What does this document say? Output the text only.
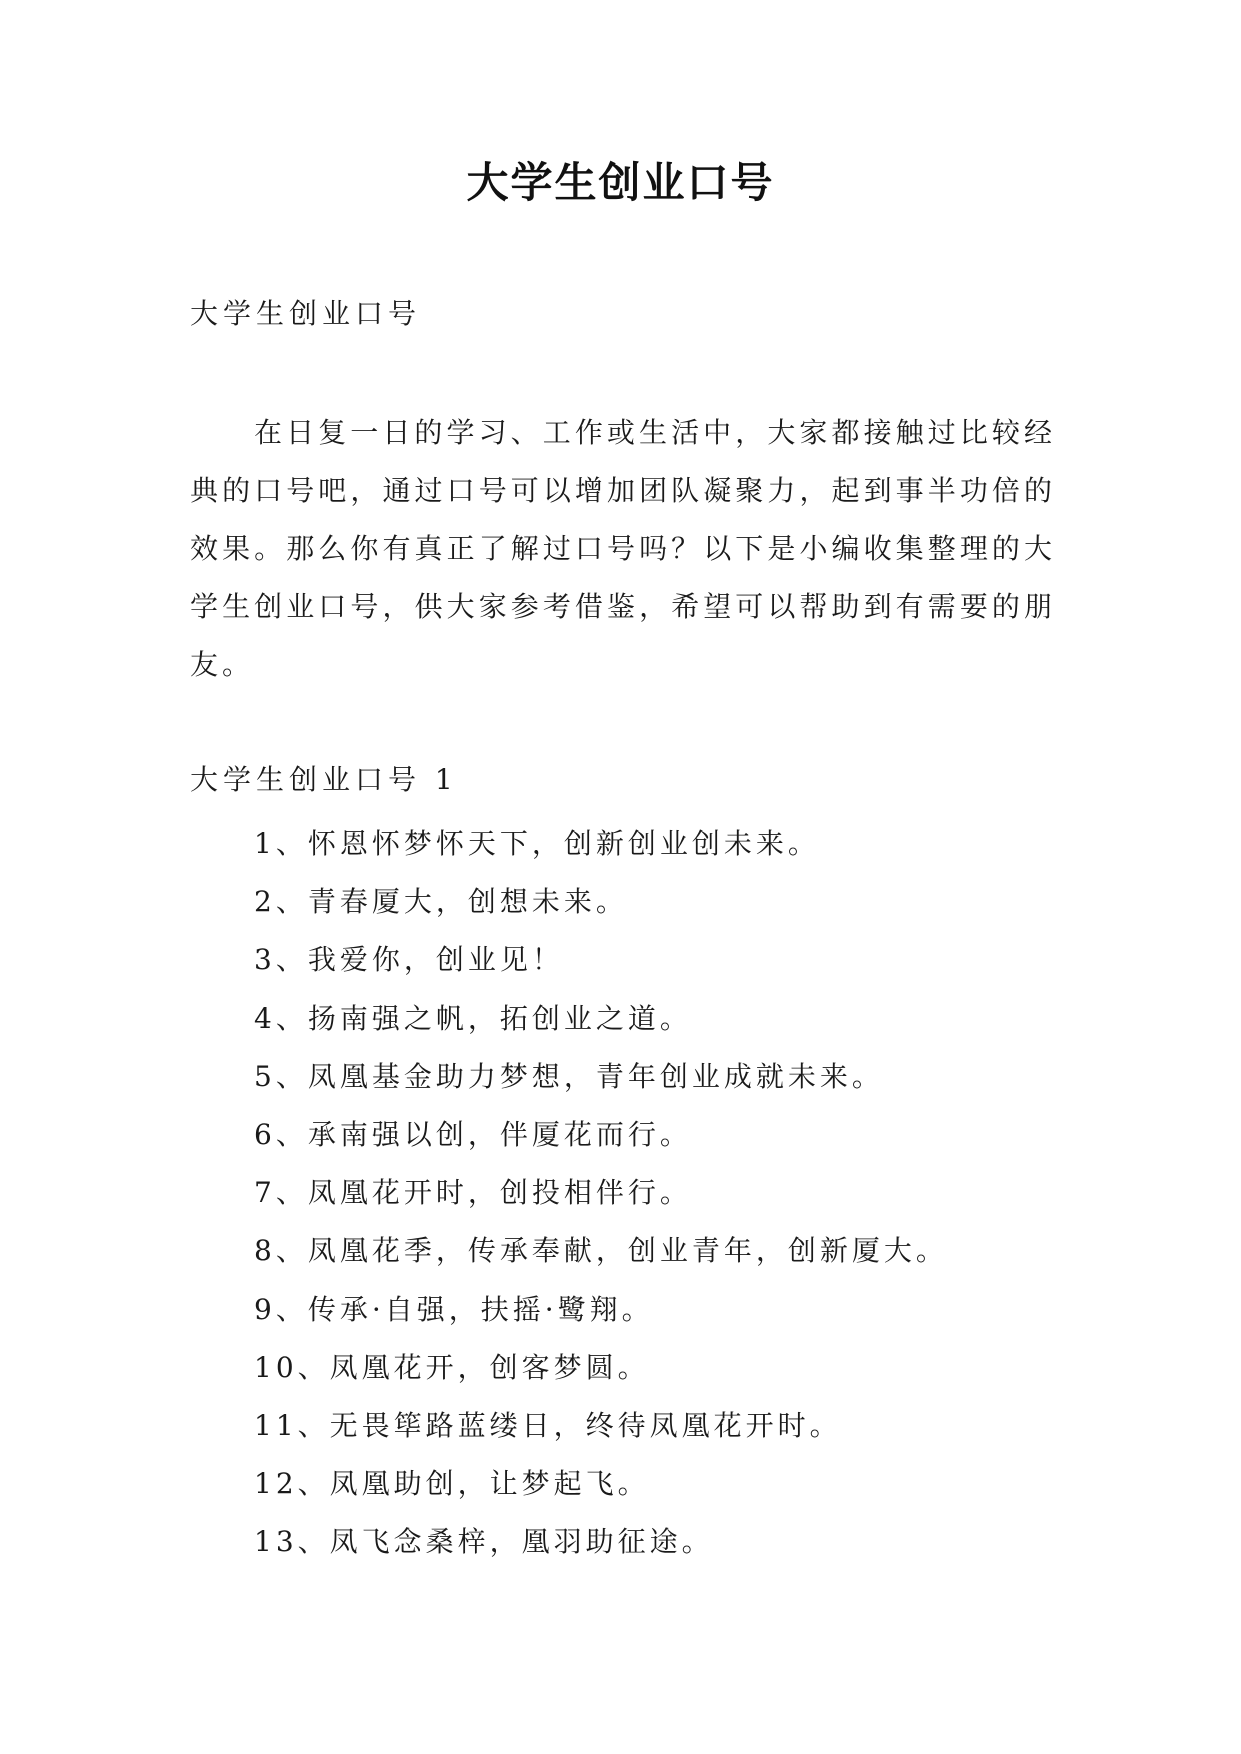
大学生创业口号

大学生创业口号

在日复一日的学习、工作或生活中，大家都接触过比较经典的口号吧，通过口号可以增加团队凝聚力，起到事半功倍的效果。那么你有真正了解过口号吗？以下是小编收集整理的大学生创业口号，供大家参考借鉴，希望可以帮助到有需要的朋友。

大学生创业口号 1

1、怀恩怀梦怀天下，创新创业创未来。
2、青春厦大，创想未来。
3、我爱你，创业见！
4、扬南强之帆，拓创业之道。
5、凤凰基金助力梦想，青年创业成就未来。
6、承南强以创，伴厦花而行。
7、凤凰花开时，创投相伴行。
8、凤凰花季，传承奉献，创业青年，创新厦大。
9、传承·自强，扶摇·鹭翔。
10、凤凰花开，创客梦圆。
11、无畏筚路蓝缕日，终待凤凰花开时。
12、凤凰助创，让梦起飞。
13、凤飞念桑梓，凰羽助征途。
